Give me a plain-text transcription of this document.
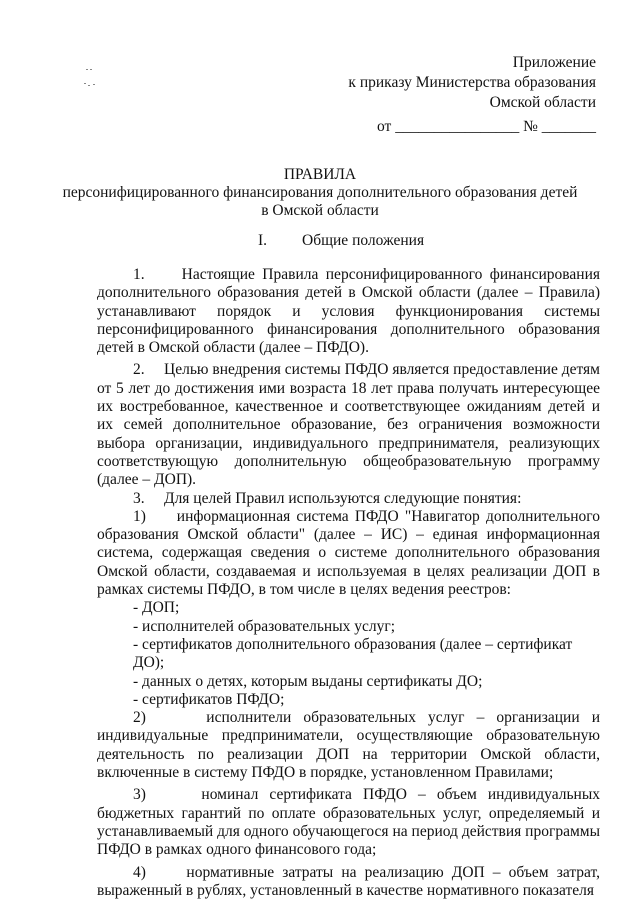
Приложение
к приказу Министерства образования
Омской области
от ________________ № _______
ПРАВИЛА
персонифицированного финансирования дополнительного образования детей
в Омской области
I. Общие положения

1.     Настоящие Правила персонифицированного финансирования дополнительного образования детей в Омской области (далее – Правила) устанавливают порядок и условия функционирования системы персонифицированного финансирования дополнительного образования детей в Омской области (далее – ПФДО).

2.     Целью внедрения системы ПФДО является предоставление детям от 5 лет до достижения ими возраста 18 лет права получать интересующее их востребованное, качественное и соответствующее ожиданиям детей и их семей дополнительное образование, без ограничения возможности выбора организации, индивидуального предпринимателя, реализующих соответствующую дополнительную общеобразовательную программу (далее – ДОП).

3.     Для целей Правил используются следующие понятия:

1)     информационная система ПФДО "Навигатор дополнительного образования Омской области" (далее – ИС) – единая информационная система, содержащая сведения о системе дополнительного образования Омской области, создаваемая и используемая в целях реализации ДОП в рамках системы ПФДО, в том числе в целях ведения реестров:

- ДОП;
- исполнителей образовательных услуг;
- сертификатов дополнительного образования (далее – сертификат ДО);
- данных о детях, которым выданы сертификаты ДО;
- сертификатов ПФДО;

2)     исполнители образовательных услуг – организации и индивидуальные предприниматели, осуществляющие образовательную деятельность по реализации ДОП на территории Омской области, включенные в систему ПФДО в порядке, установленном Правилами;

3)     номинал сертификата ПФДО – объем индивидуальных бюджетных гарантий по оплате образовательных услуг, определяемый и устанавливаемый для одного обучающегося на период действия программы ПФДО в рамках одного финансового года;

4)     нормативные затраты на реализацию ДОП – объем затрат, выраженный в рублях, установленный в качестве нормативного показателя
